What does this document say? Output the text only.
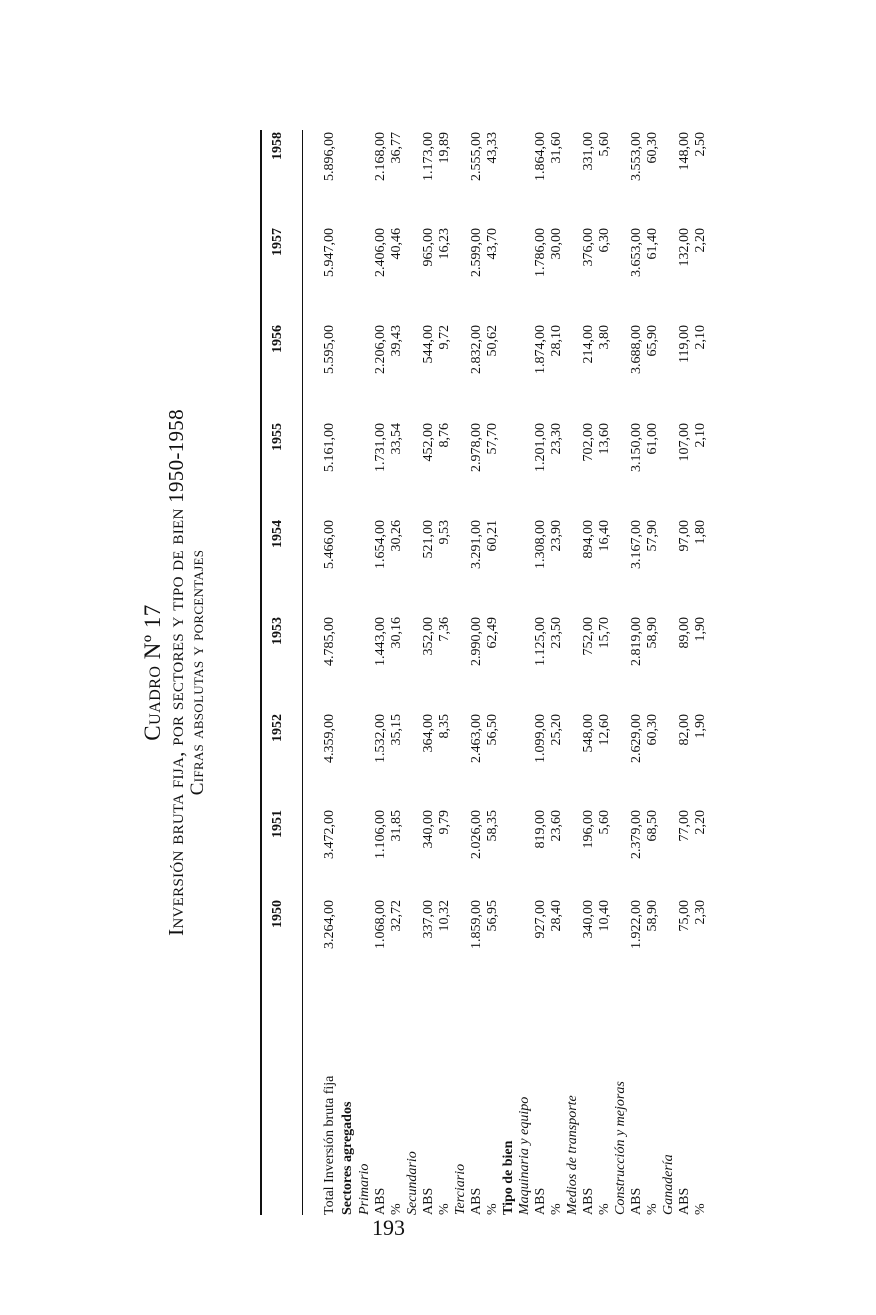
Cuadro Nº 17 Inversión bruta fija, por sectores y tipo de bien 1950-1958 Cifras absolutas y porcentajes
1950
1951
1952
1953
1954
1955
1956
1957
1958
Total Inversión bruta fija
3.264,00
3.472,00
4.359,00
4.785,00
5.466,00
5.161,00
5.595,00
5.947,00
5.896,00
Sectores agregados Primario ABS
1.068,00
1.106,00
1.532,00
1.443,00
1.654,00
1.731,00
2.206,00
2.406,00
2.168,00
%
32,72
31,85
35,15
30,16
30,26
33,54
39,43
40,46
36,77
Secundario ABS
337,00
340,00
364,00
352,00
521,00
452,00
544,00
965,00
1.173,00
%
10,32
9,79
8,35
7,36
9,53
8,76
9,72
16,23
19,89
Terciario ABS
1.859,00
2.026,00
2.463,00
2.990,00
3.291,00
2.978,00
2.832,00
2.599,00
2.555,00
%
56,95
58,35
56,50
62,49
60,21
57,70
50,62
43,70
43,33
Tipo de bien Maquinaria y equipo ABS
927,00
819,00
1.099,00
1.125,00
1.308,00
1.201,00
1.874,00
1.786,00
1.864,00
%
28,40
23,60
25,20
23,50
23,90
23,30
28,10
30,00
31,60
Medios de transporte ABS
340,00
196,00
548,00
752,00
894,00
702,00
214,00
376,00
331,00
%
10,40
5,60
12,60
15,70
16,40
13,60
3,80
6,30
5,60
Construcción y mejoras ABS
1.922,00
2.379,00
2.629,00
2.819,00
3.167,00
3.150,00
3.688,00
3.653,00
3.553,00
%
58,90
68,50
60,30
58,90
57,90
61,00
65,90
61,40
60,30
Ganadería ABS
75,00
77,00
82,00
89,00
97,00
107,00
119,00
132,00
148,00
%
2,30
2,20
1,90
1,90
1,80
2,10
2,10
2,20
2,50
193
